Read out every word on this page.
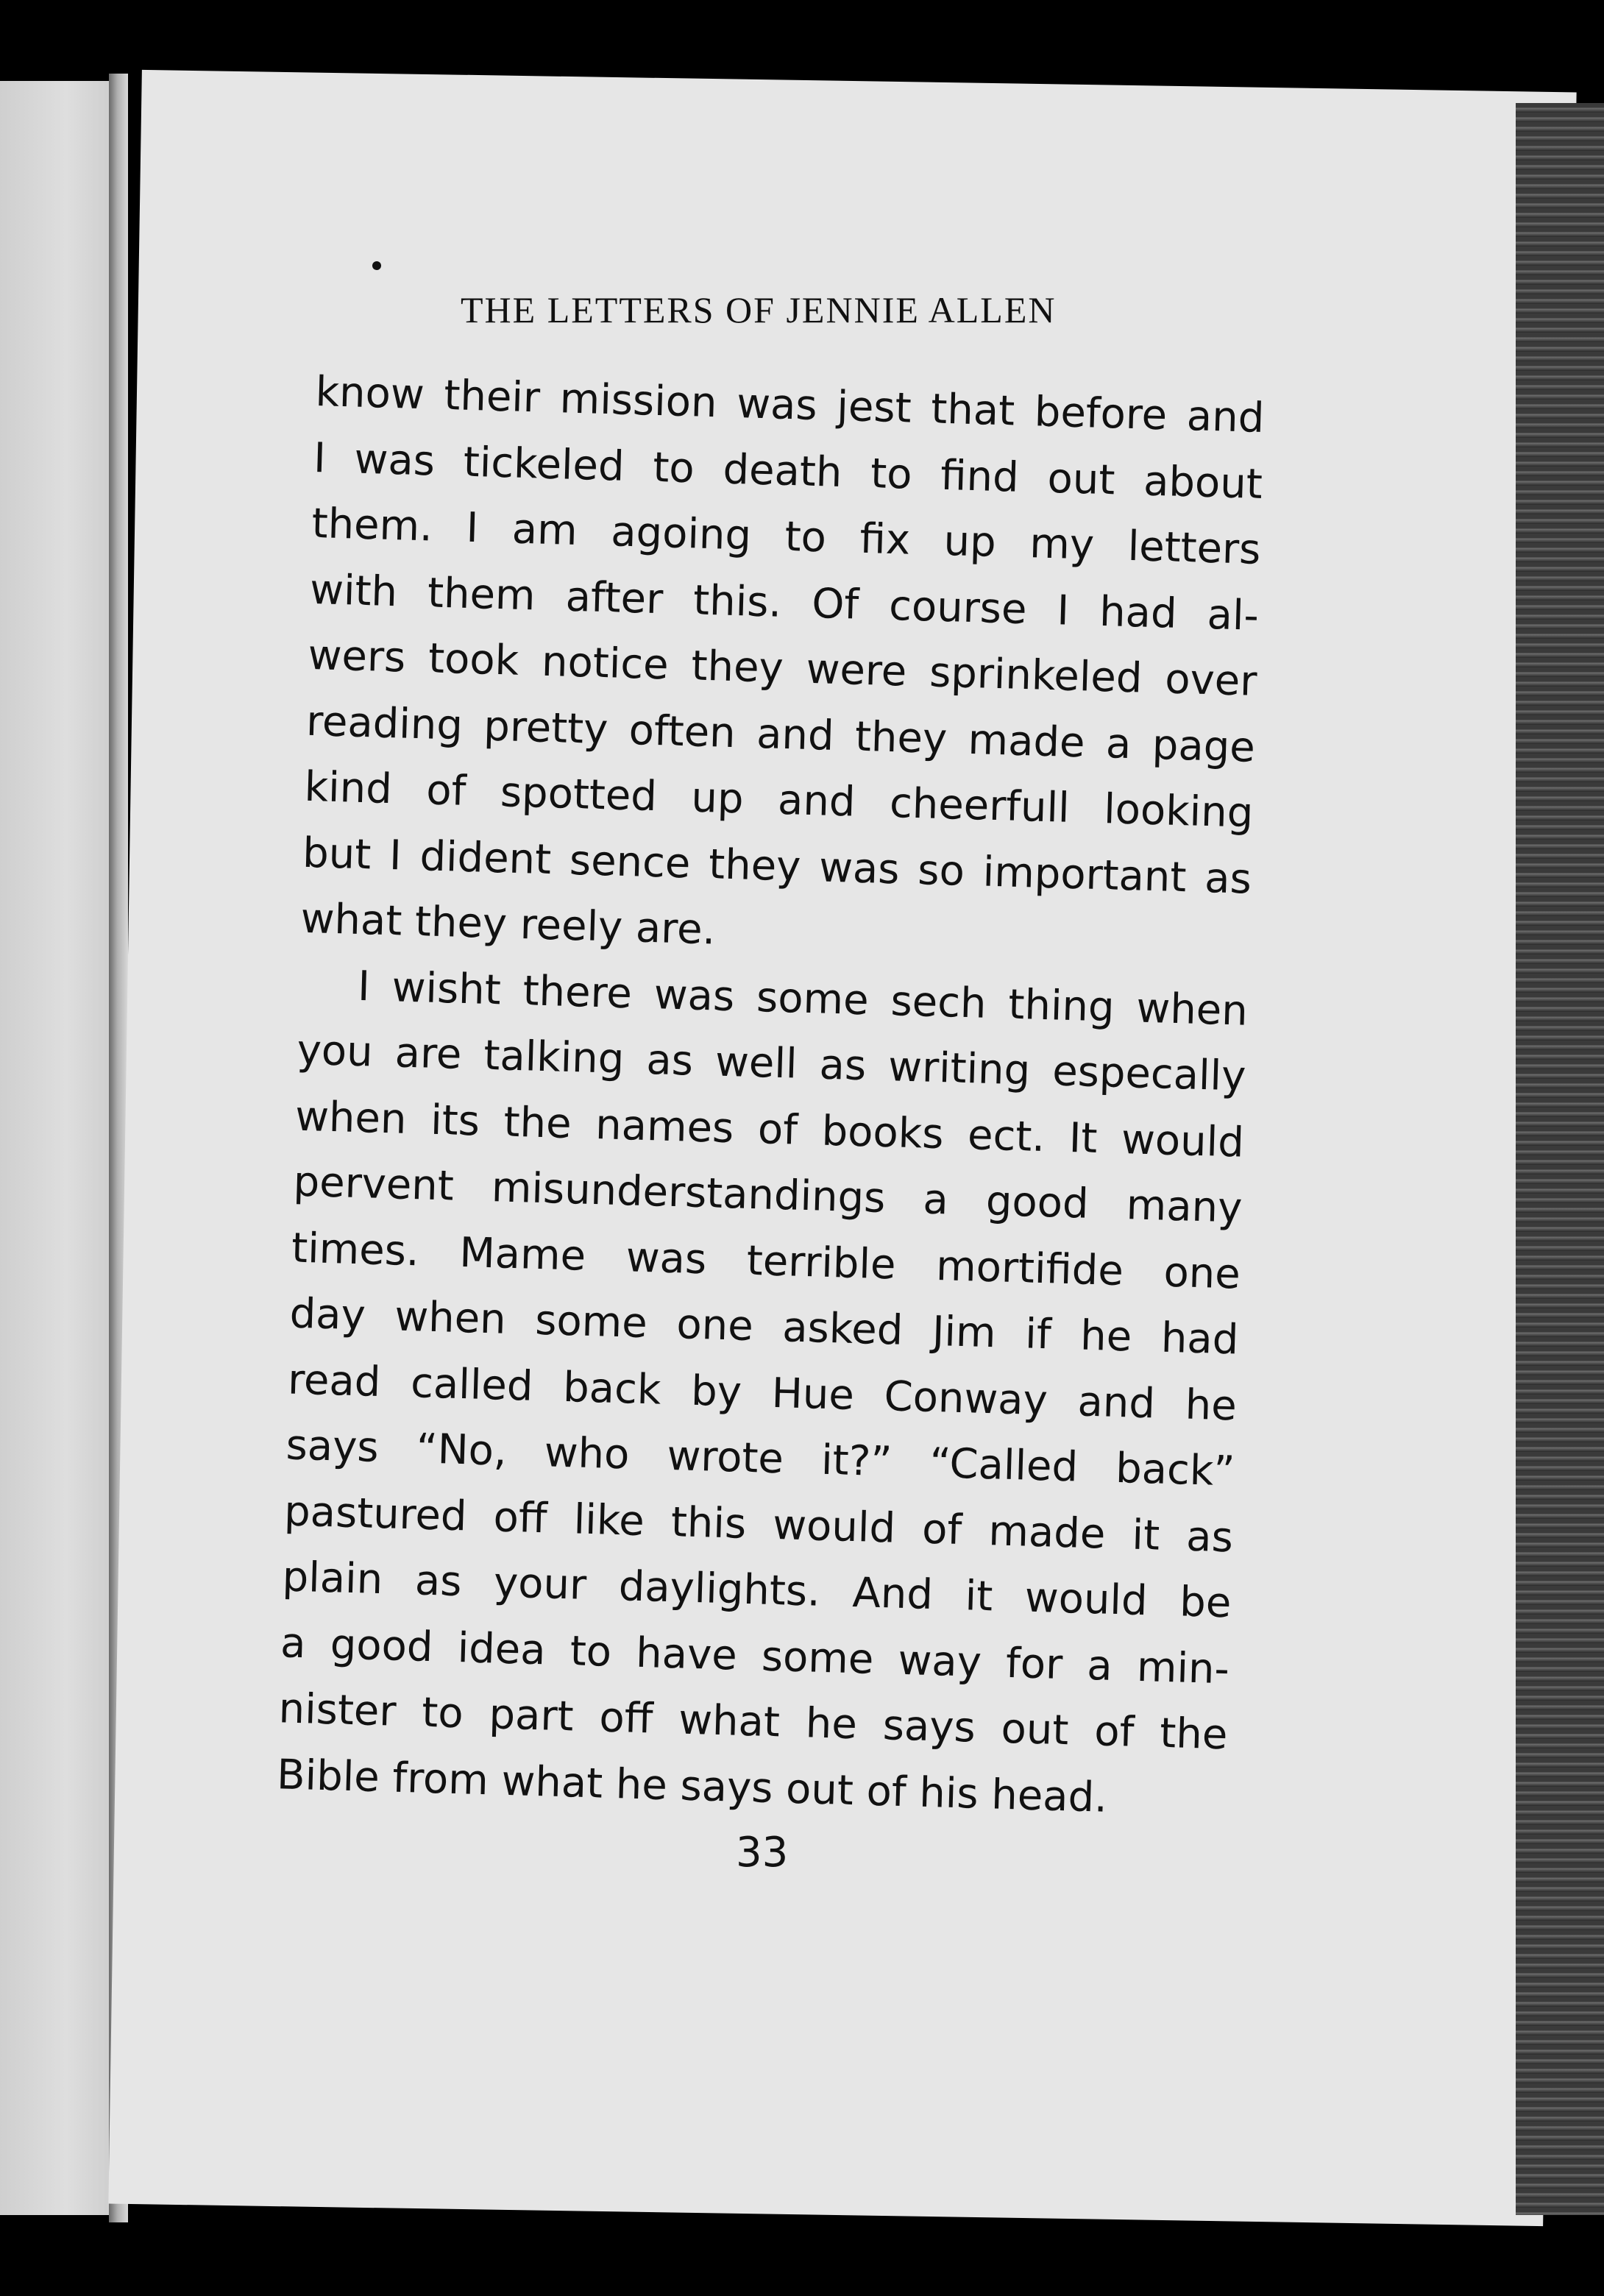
THE LETTERS OF JENNIE ALLEN

know their mission was jest that before and
I was tickeled to death to find out about
them. I am agoing to fix up my letters
with them after this. Of course I had al-
wers took notice they were sprinkeled over
reading pretty often and they made a page
kind of spotted up and cheerfull looking
but I dident sence they was so important as
what they reely are.

I wisht there was some sech thing when
you are talking as well as writing especally
when its the names of books ect. It would
pervent misunderstandings a good many
times. Mame was terrible mortifide one
day when some one asked Jim if he had
read called back by Hue Conway and he
says “No, who wrote it?” “Called back”
pastured off like this would of made it as
plain as your daylights. And it would be
a good idea to have some way for a min-
nister to part off what he says out of the
Bible from what he says out of his head.

33
